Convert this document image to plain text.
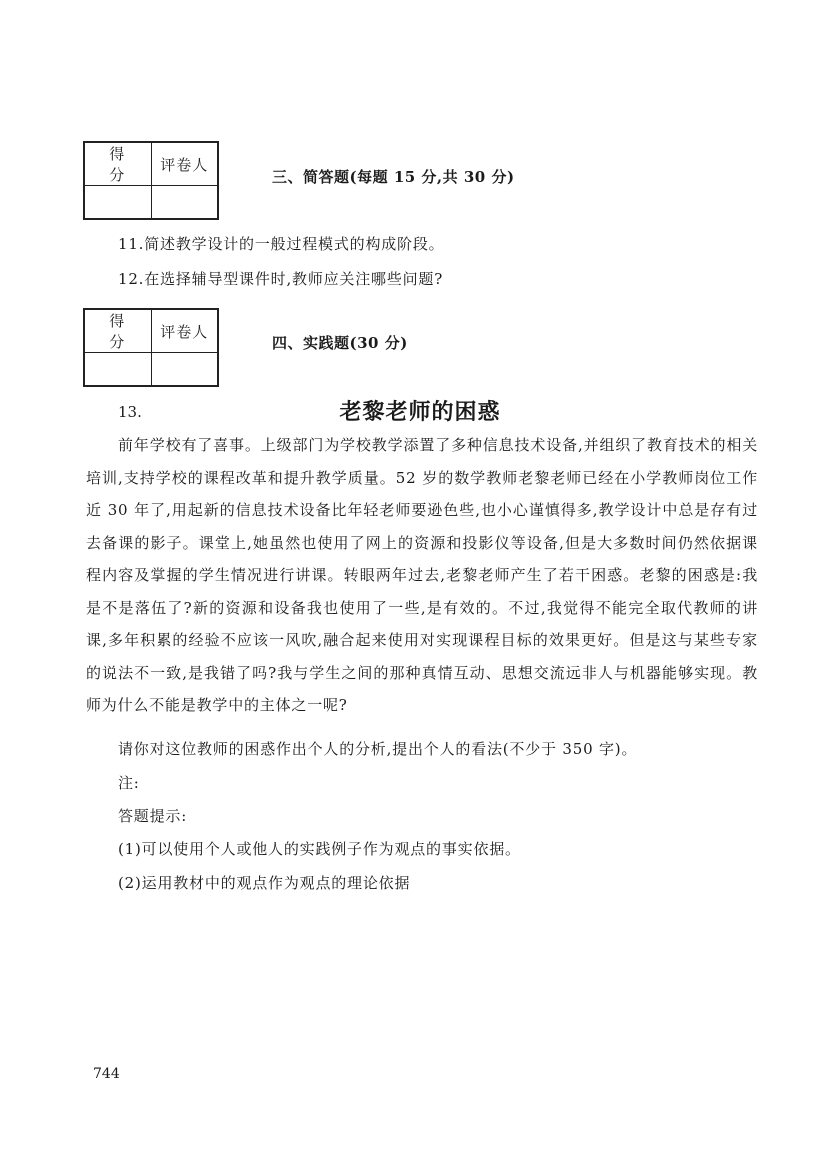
得 分	评卷人

三、简答题(每题 15 分,共 30 分)
11.简述教学设计的一般过程模式的构成阶段。
12.在选择辅导型课件时,教师应关注哪些问题?
得 分	评卷人

四、实践题(30 分)
13.	老黎老师的困惑
前年学校有了喜事。上级部门为学校教学添置了多种信息技术设备,并组织了教育技术的相关培训,支持学校的课程改革和提升教学质量。52 岁的数学教师老黎老师已经在小学教师岗位工作近 30 年了,用起新的信息技术设备比年轻老师要逊色些,也小心谨慎得多,教学设计中总是存有过去备课的影子。课堂上,她虽然也使用了网上的资源和投影仪等设备,但是大多数时间仍然依据课程内容及掌握的学生情况进行讲课。转眼两年过去,老黎老师产生了若干困惑。老黎的困惑是:我是不是落伍了?新的资源和设备我也使用了一些,是有效的。不过,我觉得不能完全取代教师的讲课,多年积累的经验不应该一风吹,融合起来使用对实现课程目标的效果更好。但是这与某些专家的说法不一致,是我错了吗?我与学生之间的那种真情互动、思想交流远非人与机器能够实现。教师为什么不能是教学中的主体之一呢?
请你对这位教师的困惑作出个人的分析,提出个人的看法(不少于 350 字)。
注:
答题提示:
(1)可以使用个人或他人的实践例子作为观点的事实依据。
(2)运用教材中的观点作为观点的理论依据
744
